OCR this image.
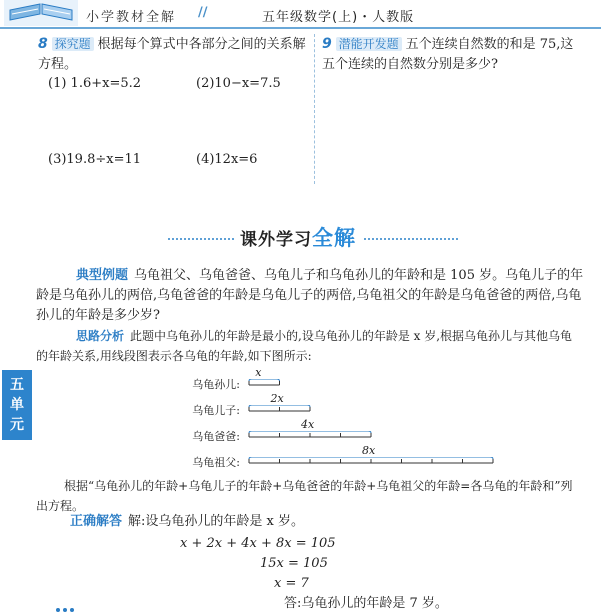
小学教材全解 //	五年级数学(上)・人教版
8 探究题 根据每个算式中各部分之间的关系解方程。
(1) 1.6+x=5.2	(2)10−x=7.5
(3)19.8÷x=11	(4)12x=6
9 潜能开发题 五个连续自然数的和是 75,这五个连续的自然数分别是多少?
课外学习全解
典型例题 乌龟祖父、乌龟爸爸、乌龟儿子和乌龟孙儿的年龄和是 105 岁。乌龟儿子的年龄是乌龟孙儿的两倍,乌龟爸爸的年龄是乌龟儿子的两倍,乌龟祖父的年龄是乌龟爸爸的两倍,乌龟孙儿的年龄是多少岁?
思路分析 此题中乌龟孙儿的年龄是最小的,设乌龟孙儿的年龄是 x 岁,根据乌龟孙儿与其他乌龟的年龄关系,用线段图表示各乌龟的年龄,如下图所示:
五
单
元
乌龟孙儿:
x
乌龟儿子:
2x
乌龟爸爸:
4x
乌龟祖父:
8x
根据“乌龟孙儿的年龄+乌龟儿子的年龄+乌龟爸爸的年龄+乌龟祖父的年龄=各乌龟的年龄和”列出方程。
正确解答 解:设乌龟孙儿的年龄是 x 岁。
x + 2x + 4x + 8x = 105
15x = 105
x = 7
答:乌龟孙儿的年龄是 7 岁。
